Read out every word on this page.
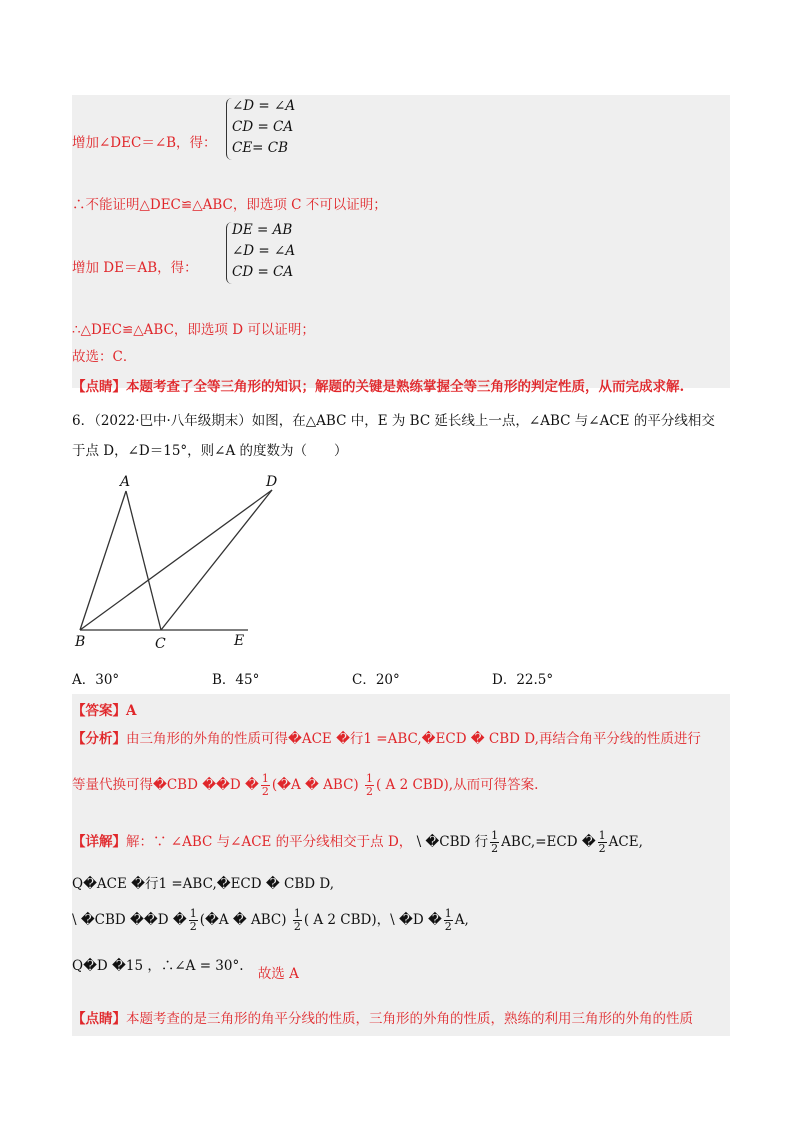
增加∠DEC＝∠B，得：
∠D = ∠A
CD = CA
CE= CB
∴不能证明△DEC≌△ABC，即选项 C 不可以证明；
增加 DE＝AB，得：
DE = AB
∠D = ∠A
CD = CA
∴△DEC≌△ABC，即选项 D 可以证明；
故选：C．
【点睛】本题考查了全等三角形的知识；解题的关键是熟练掌握全等三角形的判定性质，从而完成求解.
6．（2022·巴中·八年级期末）如图，在△ABC 中，E 为 BC 延长线上一点，∠ABC 与∠ACE 的平分线相交
于点 D，∠D＝15°，则∠A 的度数为（　　）
A	D
B	C	E
A．30°	B．45°	C．20°	D．22.5°
【答案】A
【分析】由三角形的外角的性质可得�ACE �行1 =ABC,�ECD � CBD D,再结合角平分线的性质进行
等量代换可得�CBD ��D � $\frac{1}{2}$ (�A � $ABC) \frac{1}{2}$ ( A 2 CBD),从而可得答案.
【详解】解：∵ ∠ABC 与∠ACE 的平分线相交于点 D， \ �CBD 行 $\frac{1}{2} ABC,=ECD$ � $\frac{1}{2}$ ACE,
Q�ACE �行1 =ABC,�ECD � CBD D,
\ �CBD ��D � $\frac{1}{2}$ (�A � $ABC) \frac{1}{2}$ ( A 2 CBD)，\ �D � $\frac{1}{2} A$,
Q�D �15 ，∴∠A = 30°. 故选 A
【点睛】本题考查的是三角形的角平分线的性质，三角形的外角的性质，熟练的利用三角形的外角的性质
